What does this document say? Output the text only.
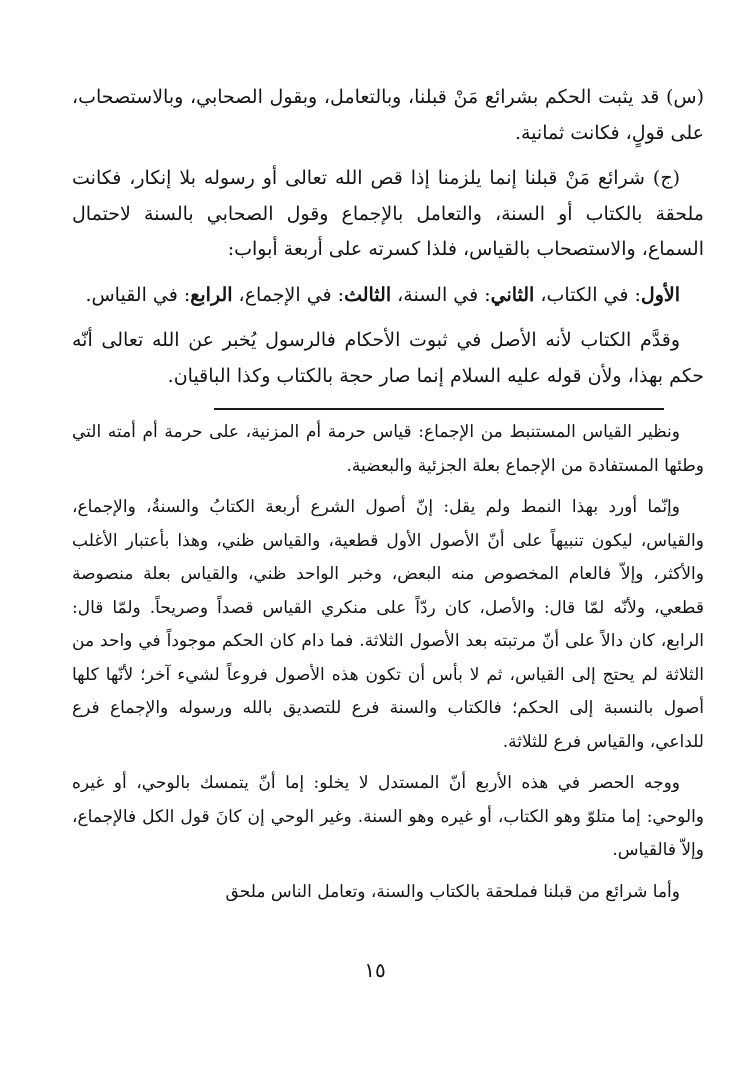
(س) قد يثبت الحكم بشرائع مَنْ قبلنا، وبالتعامل، وبقول الصحابي، وبالاستصحاب، على قولٍ، فكانت ثمانية.

(ج) شرائع مَنْ قبلنا إنما يلزمنا إذا قص الله تعالى أو رسوله بلا إنكار، فكانت ملحقة بالكتاب أو السنة، والتعامل بالإجماع وقول الصحابي بالسنة لاحتمال السماع، والاستصحاب بالقياس، فلذا كسرته على أربعة أبواب:

الأول: في الكتاب، الثاني: في السنة، الثالث: في الإجماع، الرابع: في القياس.

وقدَّم الكتاب لأنه الأصل في ثبوت الأحكام فالرسول يُخبر عن الله تعالى أنّه حكم بهذا، ولأن قوله عليه السلام إنما صار حجة بالكتاب وكذا الباقيان.

ونظير القياس المستنبط من الإجماع: قياس حرمة أم المزنية، على حرمة أم أمته التي وطئها المستفادة من الإجماع بعلة الجزئية والبعضية.

وإنّما أورد بهذا النمط ولم يقل: إنّ أصول الشرع أربعة الكتابُ والسنةُ، والإجماع، والقياس، ليكون تنبيهاً على أنّ الأصول الأول قطعية، والقياس ظني، وهذا بأعتبار الأغلب والأكثر، وإلاّ فالعام المخصوص منه البعض، وخبر الواحد ظني، والقياس بعلة منصوصة قطعي، ولأنّه لمّا قال: والأصل، كان ردّاً على منكري القياس قصداً وصريحاً. ولمّا قال: الرابع، كان دالاً على أنّ مرتبته بعد الأصول الثلاثة. فما دام كان الحكم موجوداً في واحد من الثلاثة لم يحتج إلى القياس، ثم لا بأس أن تكون هذه الأصول فروعاً لشيء آخر؛ لأنّها كلها أصول بالنسبة إلى الحكم؛ فالكتاب والسنة فرع للتصديق بالله ورسوله والإجماع فرع للداعي، والقياس فرع للثلاثة.

ووجه الحصر في هذه الأربع أنّ المستدل لا يخلو: إما أنّ يتمسك بالوحي، أو غيره والوحي: إما متلوّ وهو الكتاب، أو غيره وهو السنة. وغير الوحي إن كانَ قول الكل فالإجماع، وإلاّ فالقياس.

وأما شرائع من قبلنا فملحقة بالكتاب والسنة، وتعامل الناس ملحق

١٥
